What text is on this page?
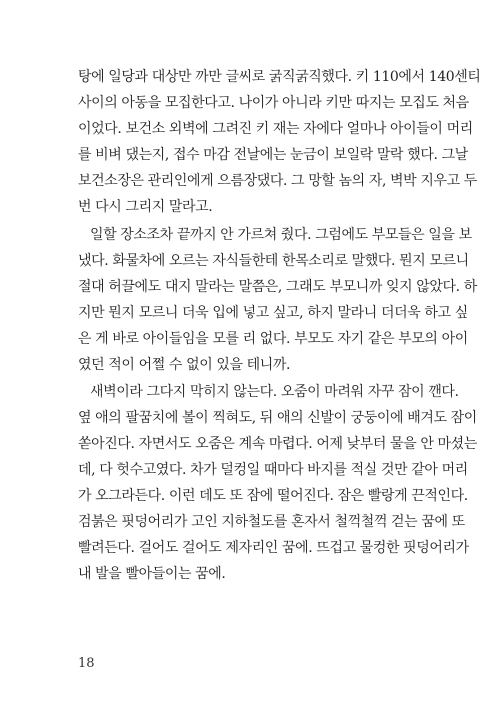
탕에 일당과 대상만 까만 글씨로 굵직굵직했다. 키 110에서 140센티
사이의 아동을 모집한다고. 나이가 아니라 키만 따지는 모집도 처음
이었다. 보건소 외벽에 그려진 키 재는 자에다 얼마나 아이들이 머리
를 비벼 댔는지, 접수 마감 전날에는 눈금이 보일락 말락 했다. 그날
보건소장은 관리인에게 으름장댔다. 그 망할 놈의 자, 벽박 지우고 두
번 다시 그리지 말라고.
일할 장소조차 끝까지 안 가르쳐 줬다. 그럼에도 부모들은 일을 보
냈다. 화물차에 오르는 자식들한테 한목소리로 말했다. 뭔지 모르니
절대 허끌에도 대지 말라는 말쯤은, 그래도 부모니까 잊지 않았다. 하
지만 뭔지 모르니 더욱 입에 넣고 싶고, 하지 말라니 더더욱 하고 싶
은 게 바로 아이들임을 모를 리 없다. 부모도 자기 같은 부모의 아이
였던 적이 어쩔 수 없이 있을 테니까.
새벽이라 그다지 막히지 않는다. 오줌이 마려워 자꾸 잠이 깬다.
옆 애의 팔꿈치에 볼이 찍혀도, 뒤 애의 신발이 궁둥이에 배겨도 잠이
쏟아진다. 자면서도 오줌은 계속 마렵다. 어제 낮부터 물을 안 마셨는
데, 다 헛수고였다. 차가 덜컹일 때마다 바지를 적실 것만 같아 머리
가 오그라든다. 이런 데도 또 잠에 떨어진다. 잠은 빨랑게 끈적인다.
검붉은 핏덩어리가 고인 지하철도를 혼자서 철꺽철꺽 걷는 꿈에 또
빨려든다. 걸어도 걸어도 제자리인 꿈에. 뜨겁고 물컹한 핏덩어리가
내 발을 빨아들이는 꿈에.
18
